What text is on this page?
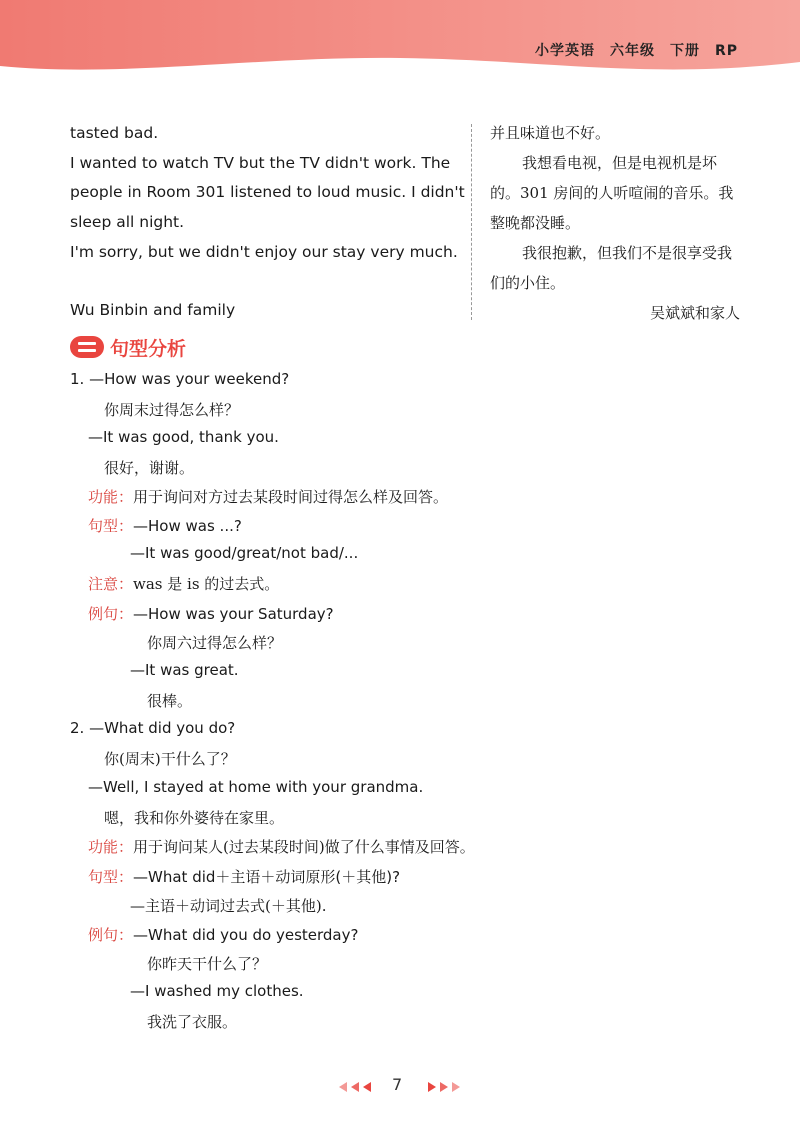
小学英语　六年级　下册　RP
tasted bad.
I wanted to watch TV but the TV didn't work. The
people in Room 301 listened to loud music. I didn't
sleep all night.
I'm sorry, but we didn't enjoy our stay very much.
Wu Binbin and family

并且味道也不好。

我想看电视，但是电视机是坏的。301 房间的人听喧闹的音乐。我整晚都没睡。

我很抱歉，但我们不是很享受我们的小住。

吴斌斌和家人

句型分析
1. —How was your weekend?
你周末过得怎么样？
—It was good, thank you.
很好，谢谢。
功能：用于询问对方过去某段时间过得怎么样及回答。
句型：—How was ...?
—It was good/great/not bad/...
注意：was 是 is 的过去式。
例句：—How was your Saturday?
你周六过得怎么样？
—It was great.
很棒。
2. —What did you do?
你(周末)干什么了？
—Well, I stayed at home with your grandma.
嗯，我和你外婆待在家里。
功能：用于询问某人(过去某段时间)做了什么事情及回答。
句型：—What did＋主语＋动词原形(＋其他)?
—主语＋动词过去式(＋其他).
例句：—What did you do yesterday?
你昨天干什么了？
—I washed my clothes.
我洗了衣服。
7
